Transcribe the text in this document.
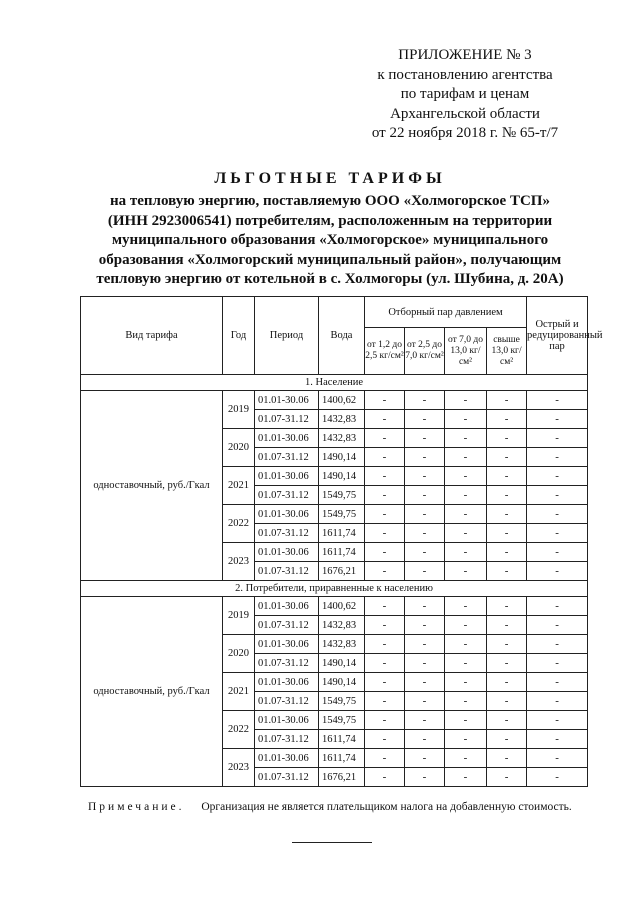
ПРИЛОЖЕНИЕ № 3
к постановлению агентства
по тарифам и ценам
Архангельской области
от 22 ноября 2018 г. № 65-т/7
ЛЬГОТНЫЕ ТАРИФЫ
на тепловую энергию, поставляемую ООО «Холмогорское ТСП»
(ИНН 2923006541) потребителям, расположенным на территории
муниципального образования «Холмогорское» муниципального
образования «Холмогорский муниципальный район», получающим
тепловую энергию от котельной в с. Холмогоры (ул. Шубина, д. 20А)
Вид тарифа	Год	Период	Вода	Отборный пар давлением				Острый и редуцированный пар
				от 1,2 до 2,5 кг/см²	от 2,5 до 7,0 кг/см²	от 7,0 до 13,0 кг/см²	свыше 13,0 кг/см²	
1. Население								
одноставочный, руб./Гкал	2019	01.01-30.06	1400,62	-	-	-	-	-
		01.07-31.12	1432,83	-	-	-	-	-
	2020	01.01-30.06	1432,83	-	-	-	-	-
		01.07-31.12	1490,14	-	-	-	-	-
	2021	01.01-30.06	1490,14	-	-	-	-	-
		01.07-31.12	1549,75	-	-	-	-	-
	2022	01.01-30.06	1549,75	-	-	-	-	-
		01.07-31.12	1611,74	-	-	-	-	-
	2023	01.01-30.06	1611,74	-	-	-	-	-
		01.07-31.12	1676,21	-	-	-	-	-
2. Потребители, приравненные к населению								
одноставочный, руб./Гкал	2019	01.01-30.06	1400,62	-	-	-	-	-
		01.07-31.12	1432,83	-	-	-	-	-
	2020	01.01-30.06	1432,83	-	-	-	-	-
		01.07-31.12	1490,14	-	-	-	-	-
	2021	01.01-30.06	1490,14	-	-	-	-	-
		01.07-31.12	1549,75	-	-	-	-	-
	2022	01.01-30.06	1549,75	-	-	-	-	-
		01.07-31.12	1611,74	-	-	-	-	-
	2023	01.01-30.06	1611,74	-	-	-	-	-
		01.07-31.12	1676,21	-	-	-	-	-
Примечание. Организация не является плательщиком налога на добавленную стоимость.
